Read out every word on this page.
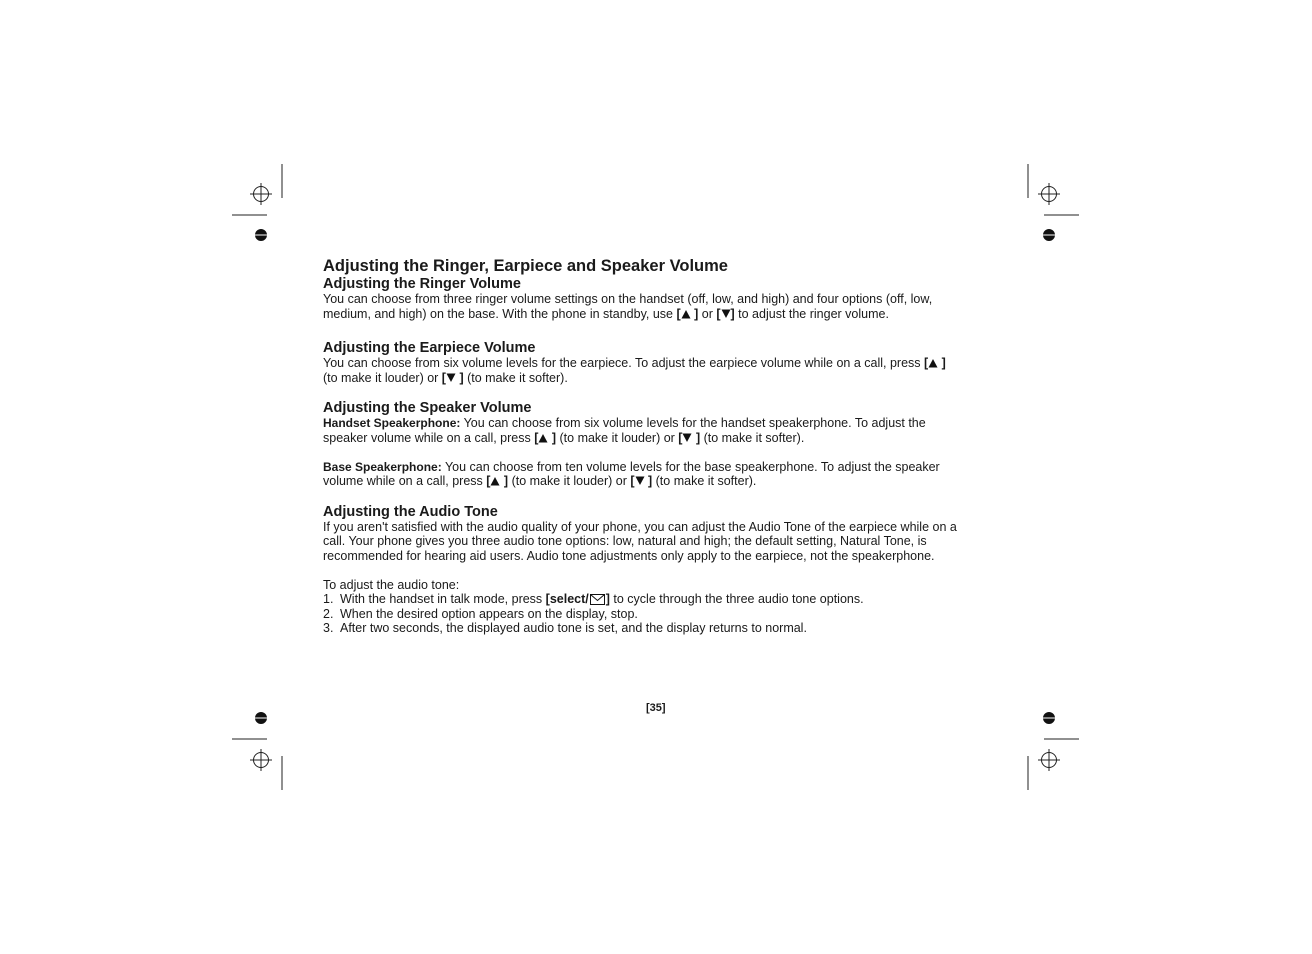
Adjusting the Ringer, Earpiece and Speaker Volume
Adjusting the Ringer Volume
You can choose from three ringer volume settings on the handset (off, low, and high) and four options (off, low,
medium, and high) on the base. With the phone in standby, use [ ] or [ ] to adjust the ringer volume.
Adjusting the Earpiece Volume
You can choose from six volume levels for the earpiece. To adjust the earpiece volume while on a call, press [ ]
(to make it louder) or [ ] (to make it softer).
Adjusting the Speaker Volume
Handset Speakerphone: You can choose from six volume levels for the handset speakerphone. To adjust the
speaker volume while on a call, press [ ] (to make it louder) or [ ] (to make it softer).
Base Speakerphone: You can choose from ten volume levels for the base speakerphone. To adjust the speaker
volume while on a call, press [ ] (to make it louder) or [ ] (to make it softer).
Adjusting the Audio Tone
If you aren't satisfied with the audio quality of your phone, you can adjust the Audio Tone of the earpiece while on a
call. Your phone gives you three audio tone options: low, natural and high; the default setting, Natural Tone, is
recommended for hearing aid users. Audio tone adjustments only apply to the earpiece, not the speakerphone.
To adjust the audio tone:
1. With the handset in talk mode, press [select/ ] to cycle through the three audio tone options.
2. When the desired option appears on the display, stop.
3. After two seconds, the displayed audio tone is set, and the display returns to normal.
[35]
